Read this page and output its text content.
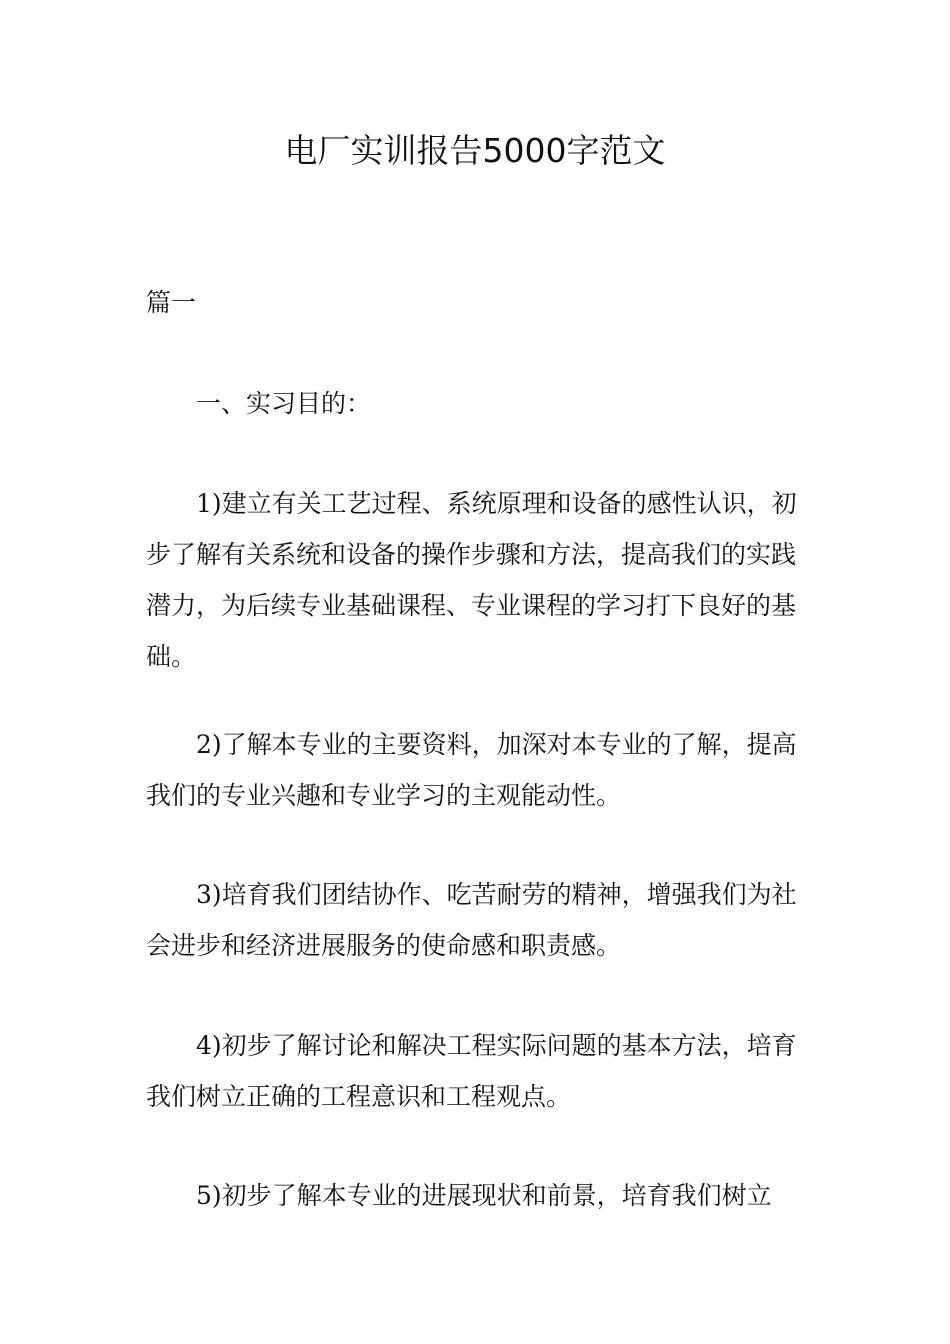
电厂实训报告5000字范文

篇一

一、实习目的：

1)建立有关工艺过程、系统原理和设备的感性认识，初步了解有关系统和设备的操作步骤和方法，提高我们的实践潜力，为后续专业基础课程、专业课程的学习打下良好的基础。

2)了解本专业的主要资料，加深对本专业的了解，提高我们的专业兴趣和专业学习的主观能动性。

3)培育我们团结协作、吃苦耐劳的精神，增强我们为社会进步和经济进展服务的使命感和职责感。

4)初步了解讨论和解决工程实际问题的基本方法，培育我们树立正确的工程意识和工程观点。

5)初步了解本专业的进展现状和前景，培育我们树立
